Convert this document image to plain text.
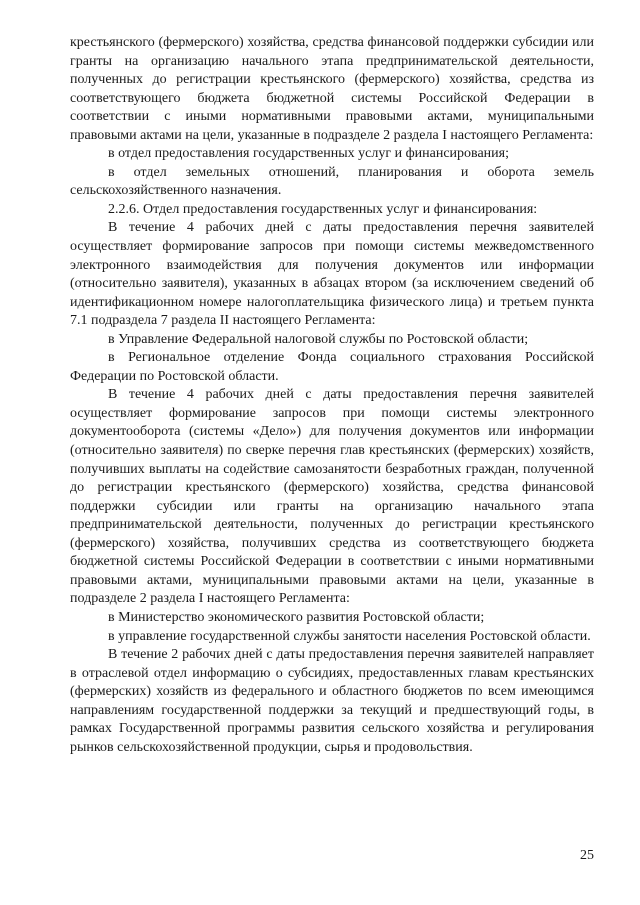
крестьянского (фермерского) хозяйства, средства финансовой поддержки субсидии или гранты на организацию начального этапа предпринимательской деятельности, полученных до регистрации крестьянского (фермерского) хозяйства, средства из соответствующего бюджета бюджетной системы Российской Федерации в соответствии с иными нормативными правовыми актами, муниципальными правовыми актами на цели, указанные в подразделе 2 раздела I настоящего Регламента:

в отдел предоставления государственных услуг и финансирования;

в отдел земельных отношений, планирования и оборота земель сельскохозяйственного назначения.

2.2.6. Отдел предоставления государственных услуг и финансирования:

В течение 4 рабочих дней с даты предоставления перечня заявителей осуществляет формирование запросов при помощи системы межведомственного электронного взаимодействия для получения документов или информации (относительно заявителя), указанных в абзацах втором (за исключением сведений об идентификационном номере налогоплательщика физического лица) и третьем пункта 7.1 подраздела 7 раздела II настоящего Регламента:

в Управление Федеральной налоговой службы по Ростовской области;

в Региональное отделение Фонда социального страхования Российской Федерации по Ростовской области.

В течение 4 рабочих дней с даты предоставления перечня заявителей осуществляет формирование запросов при помощи системы электронного документооборота (системы «Дело») для получения документов или информации (относительно заявителя) по сверке перечня глав крестьянских (фермерских) хозяйств, получивших выплаты на содействие самозанятости безработных граждан, полученной до регистрации крестьянского (фермерского) хозяйства, средства финансовой поддержки субсидии или гранты на организацию начального этапа предпринимательской деятельности, полученных до регистрации крестьянского (фермерского) хозяйства, получивших средства из соответствующего бюджета бюджетной системы Российской Федерации в соответствии с иными нормативными правовыми актами, муниципальными правовыми актами на цели, указанные в подразделе 2 раздела I настоящего Регламента:

в Министерство экономического развития Ростовской области;

в управление государственной службы занятости населения Ростовской области.

В течение 2 рабочих дней с даты предоставления перечня заявителей направляет в отраслевой отдел информацию о субсидиях, предоставленных главам крестьянских (фермерских) хозяйств из федерального и областного бюджетов по всем имеющимся направлениям государственной поддержки за текущий и предшествующий годы, в рамках Государственной программы развития сельского хозяйства и регулирования рынков сельскохозяйственной продукции, сырья и продовольствия.

25
